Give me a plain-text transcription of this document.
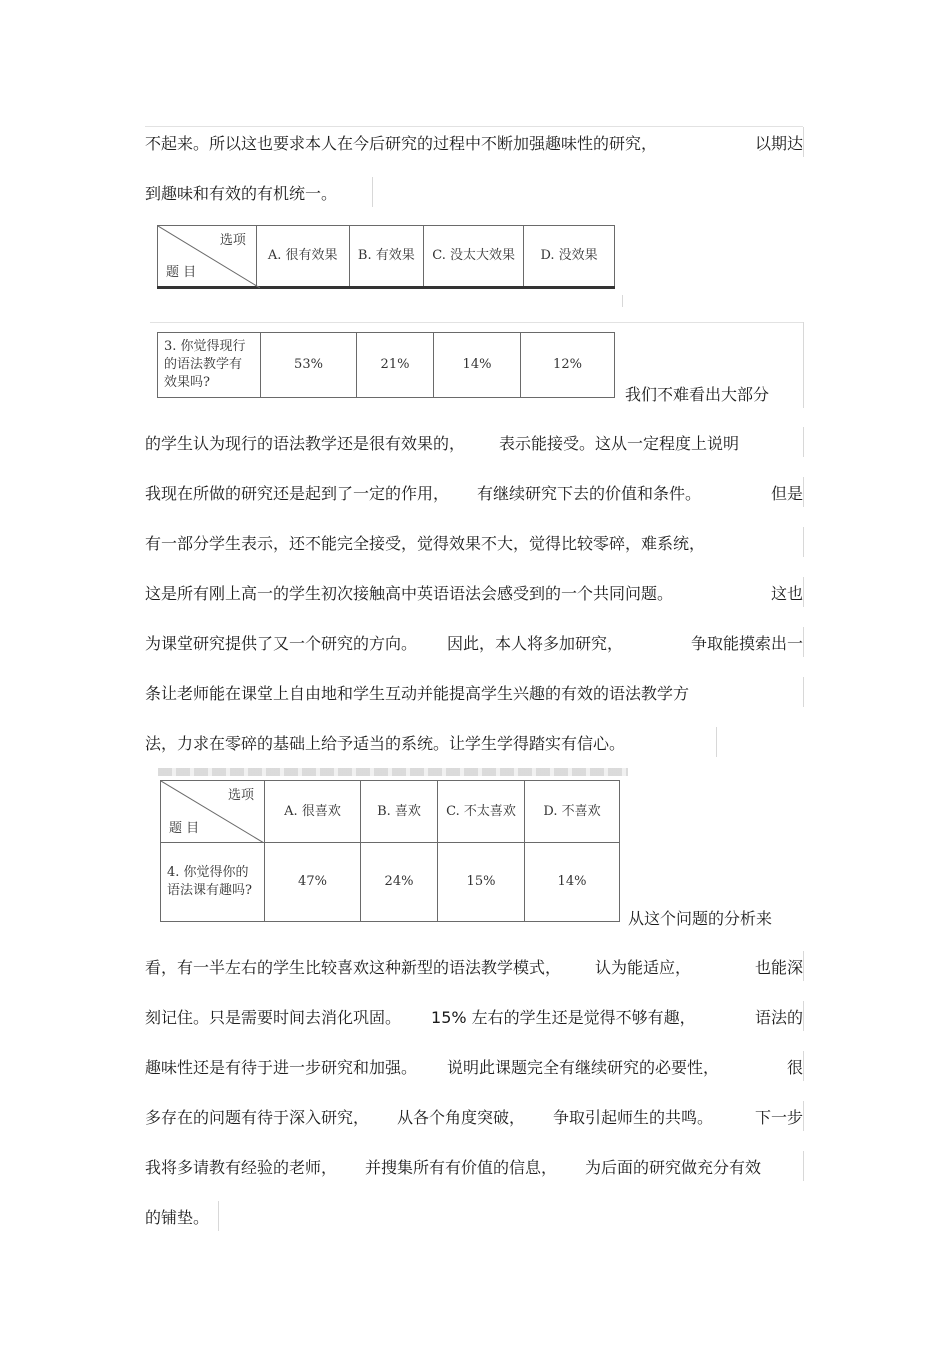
不起来。所以这也要求本人在今后研究的过程中不断加强趣味性的研究，	以期达
到趣味和有效的有机统一。
选项
题 目
	A. 很有效果	B. 有效果	C. 没太大效果	D. 没效果
3. 你觉得现行的语法教学有效果吗?	53%	21%	14%	12%
我们不难看出大部分
的学生认为现行的语法教学还是很有效果的， 表示能接受。这从一定程度上说明
我现在所做的研究还是起到了一定的作用， 有继续研究下去的价值和条件。	但是
有一部分学生表示，还不能完全接受，觉得效果不大，觉得比较零碎，难系统，
这是所有刚上高一的学生初次接触高中英语语法会感受到的一个共同问题。	这也
为课堂研究提供了又一个研究的方向。 因此，本人将多加研究，	争取能摸索出一
条让老师能在课堂上自由地和学生互动并能提高学生兴趣的有效的语法教学方
法，力求在零碎的基础上给予适当的系统。让学生学得踏实有信心。
选项
题 目	A. 很喜欢	B. 喜欢	C. 不太喜欢	D. 不喜欢
4. 你觉得你的语法课有趣吗?	47%	24%	15%	14%
从这个问题的分析来
看，有一半左右的学生比较喜欢这种新型的语法教学模式， 认为能适应，	也能深
刻记住。只是需要时间去消化巩固。 15% 左右的学生还是觉得不够有趣，	语法的
趣味性还是有待于进一步研究和加强。 说明此课题完全有继续研究的必要性，	很
多存在的问题有待于深入研究， 从各个角度突破， 争取引起师生的共鸣。	下一步
我将多请教有经验的老师， 并搜集所有有价值的信息， 为后面的研究做充分有效
的铺垫。
